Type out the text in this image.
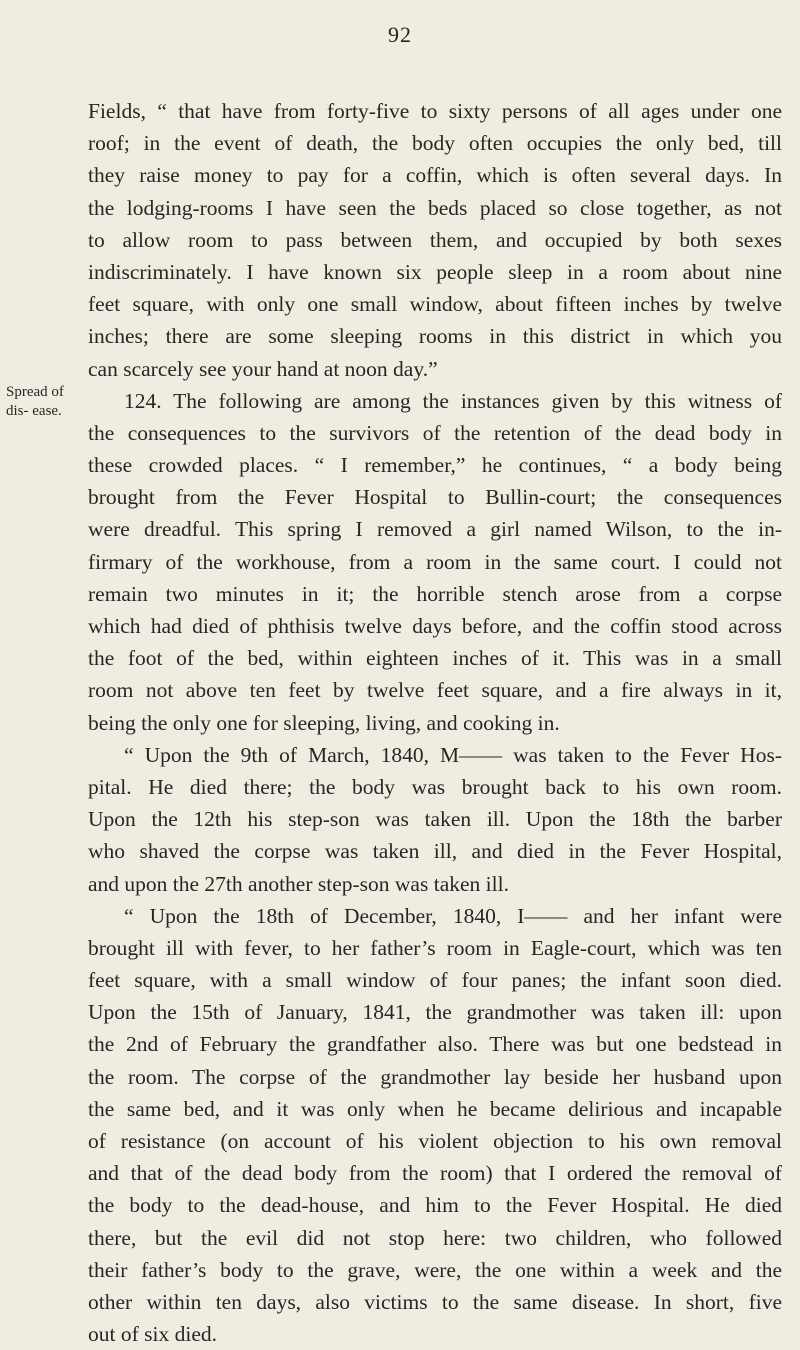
92
Spread of dis- ease.
Fields, “ that have from forty-five to sixty persons of all ages under one
roof; in the event of death, the body often occupies the only bed, till
they raise money to pay for a coffin, which is often several days. In
the lodging-rooms I have seen the beds placed so close together, as not
to allow room to pass between them, and occupied by both sexes
indiscriminately. I have known six people sleep in a room about nine
feet square, with only one small window, about fifteen inches by twelve
inches; there are some sleeping rooms in this district in which you
can scarcely see your hand at noon day.”
124. The following are among the instances given by this witness of
the consequences to the survivors of the retention of the dead body in
these crowded places. “ I remember,” he continues, “ a body being
brought from the Fever Hospital to Bullin-court; the consequences
were dreadful. This spring I removed a girl named Wilson, to the in-
firmary of the workhouse, from a room in the same court. I could not
remain two minutes in it; the horrible stench arose from a corpse
which had died of phthisis twelve days before, and the coffin stood across
the foot of the bed, within eighteen inches of it. This was in a small
room not above ten feet by twelve feet square, and a fire always in it,
being the only one for sleeping, living, and cooking in.
“ Upon the 9th of March, 1840, M—— was taken to the Fever Hos-
pital. He died there; the body was brought back to his own room.
Upon the 12th his step-son was taken ill. Upon the 18th the barber
who shaved the corpse was taken ill, and died in the Fever Hospital,
and upon the 27th another step-son was taken ill.
“ Upon the 18th of December, 1840, I—— and her infant were
brought ill with fever, to her father’s room in Eagle-court, which was ten
feet square, with a small window of four panes; the infant soon died.
Upon the 15th of January, 1841, the grandmother was taken ill: upon
the 2nd of February the grandfather also. There was but one bedstead in
the room. The corpse of the grandmother lay beside her husband upon
the same bed, and it was only when he became delirious and incapable
of resistance (on account of his violent objection to his own removal
and that of the dead body from the room) that I ordered the removal of
the body to the dead-house, and him to the Fever Hospital. He died
there, but the evil did not stop here: two children, who followed
their father’s body to the grave, were, the one within a week and the
other within ten days, also victims to the same disease. In short, five
out of six died.
